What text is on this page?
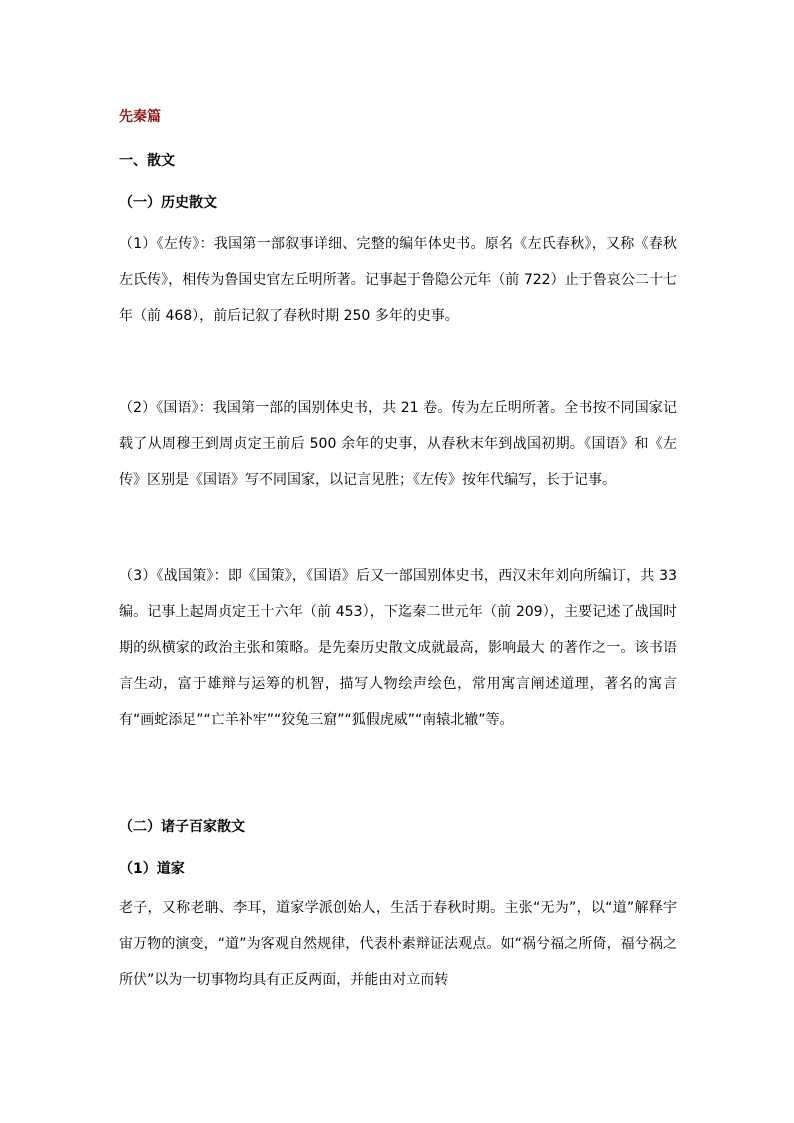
先秦篇

一、散文

（一）历史散文

（1）《左传》：我国第一部叙事详细、完整的编年体史书。原名《左氏春秋》，又称《春秋左氏传》，相传为鲁国史官左丘明所著。记事起于鲁隐公元年（前 722）止于鲁哀公二十七年（前 468），前后记叙了春秋时期 250 多年的史事。

（2）《国语》：我国第一部的国别体史书，共 21 卷。传为左丘明所著。全书按不同国家记载了从周穆王到周贞定王前后 500 余年的史事，从春秋末年到战国初期。《国语》和《左传》区别是《国语》写不同国家，以记言见胜；《左传》按年代编写，长于记事。

（3）《战国策》：即《国策》，《国语》后又一部国别体史书，西汉末年刘向所编订，共 33 编。记事上起周贞定王十六年（前 453），下迄秦二世元年（前 209），主要记述了战国时期的纵横家的政治主张和策略。是先秦历史散文成就最高，影响最大 的著作之一。该书语言生动，富于雄辩与运筹的机智，描写人物绘声绘色，常用寓言阐述道理，著名的寓言有“画蛇添足”“亡羊补牢”“狡兔三窟”“狐假虎威”“南辕北辙”等。

（二）诸子百家散文

（1）道家

老子，又称老聃、李耳，道家学派创始人，生活于春秋时期。主张“无为”，以“道”解释宇宙万物的演变，“道”为客观自然规律，代表朴素辩证法观点。如“祸兮福之所倚，福兮祸之所伏”以为一切事物均具有正反两面，并能由对立而转
